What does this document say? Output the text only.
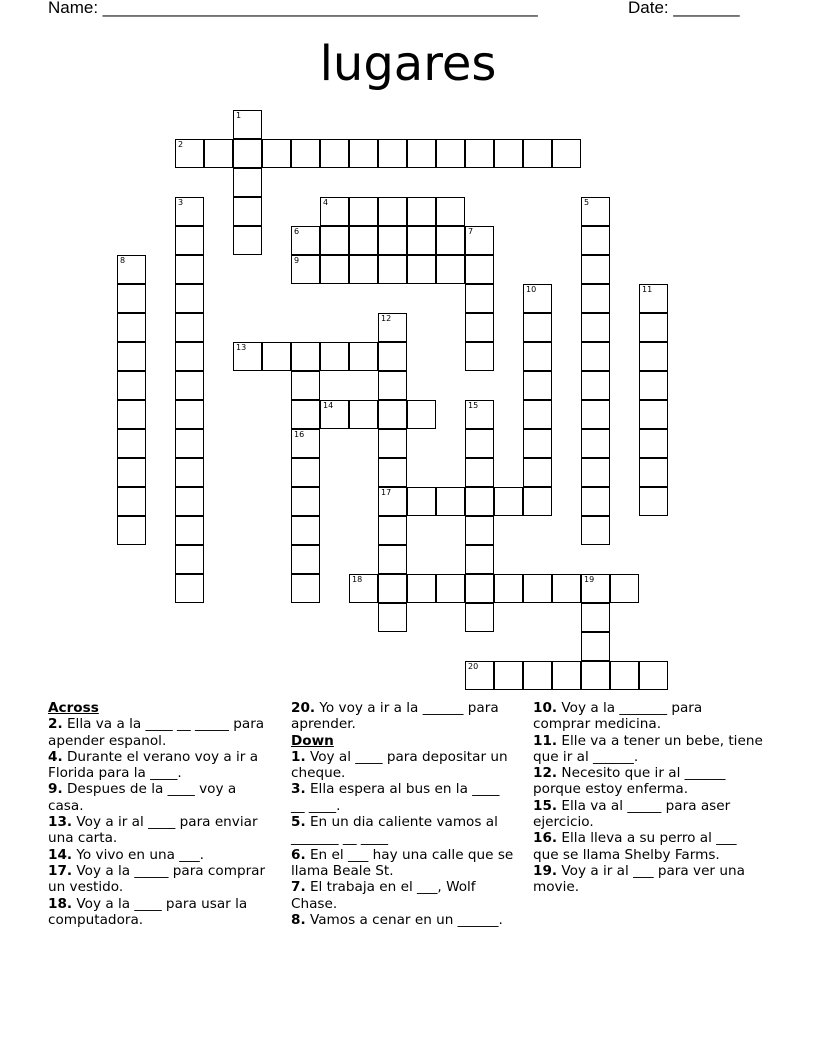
Name: ______________________________________________	Date: _______
lugares
1
2
3	4	5
6	7
8	9
10	11
12
17
13
14	15
16
18	19
20

Across

2. Ella va a la ____ __ _____ para apender espanol.

4. Durante el verano voy a ir a Florida para la ____.

9. Despues de la ____ voy a casa.

13. Voy a ir al ____ para enviar una carta.

14. Yo vivo en una ___.

17. Voy a la _____ para comprar un vestido.

18. Voy a la ____ para usar la computadora.

20. Yo voy a ir a la ______ para aprender.

Down

1. Voy al ____ para depositar un cheque.

3. Ella espera al bus en la ____ __ ____.

5. En un dia caliente vamos al _______ __ ____

6. En el ___ hay una calle que se llama Beale St.

7. El trabaja en el ___, Wolf Chase.

8. Vamos a cenar en un ______.

10. Voy a la _______ para comprar medicina.

11. Elle va a tener un bebe, tiene que ir al ______.

12. Necesito que ir al ______ porque estoy enferma.

15. Ella va al _____ para aser ejercicio.

16. Ella lleva a su perro al ___ que se llama Shelby Farms.

19. Voy a ir al ___ para ver una movie.
